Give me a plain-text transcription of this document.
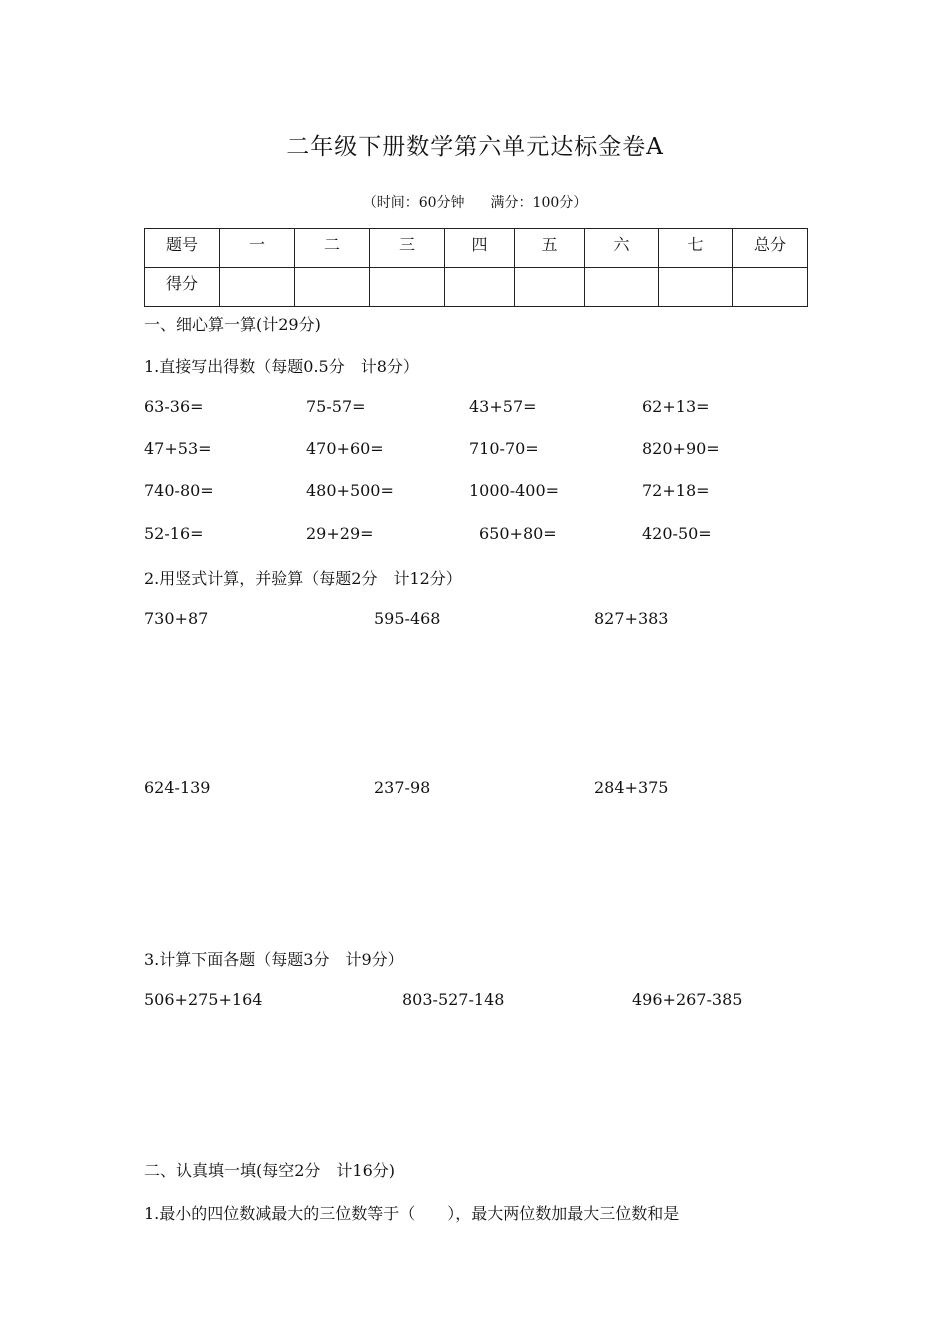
二年级下册数学第六单元达标金卷A
（时间：60分钟 满分：100分）
题号	一	二	三	四	五	六	七	总分
得分								
一、细心算一算(计29分)
1.直接写出得数（每题0.5分　计8分）
63-36=	75-57=	43+57=	62+13=
47+53=	470+60=	710-70=	820+90=
740-80=	480+500=	1000-400=	72+18=
52-16=	29+29=	650+80=	420-50=
2.用竖式计算，并验算（每题2分　计12分）
730+87	595-468	827+383
624-139	237-98	284+375
3.计算下面各题（每题3分　计9分）
506+275+164	803-527-148	496+267-385
二、认真填一填(每空2分　计16分)
1.最小的四位数减最大的三位数等于（　　），最大两位数加最大三位数和是
